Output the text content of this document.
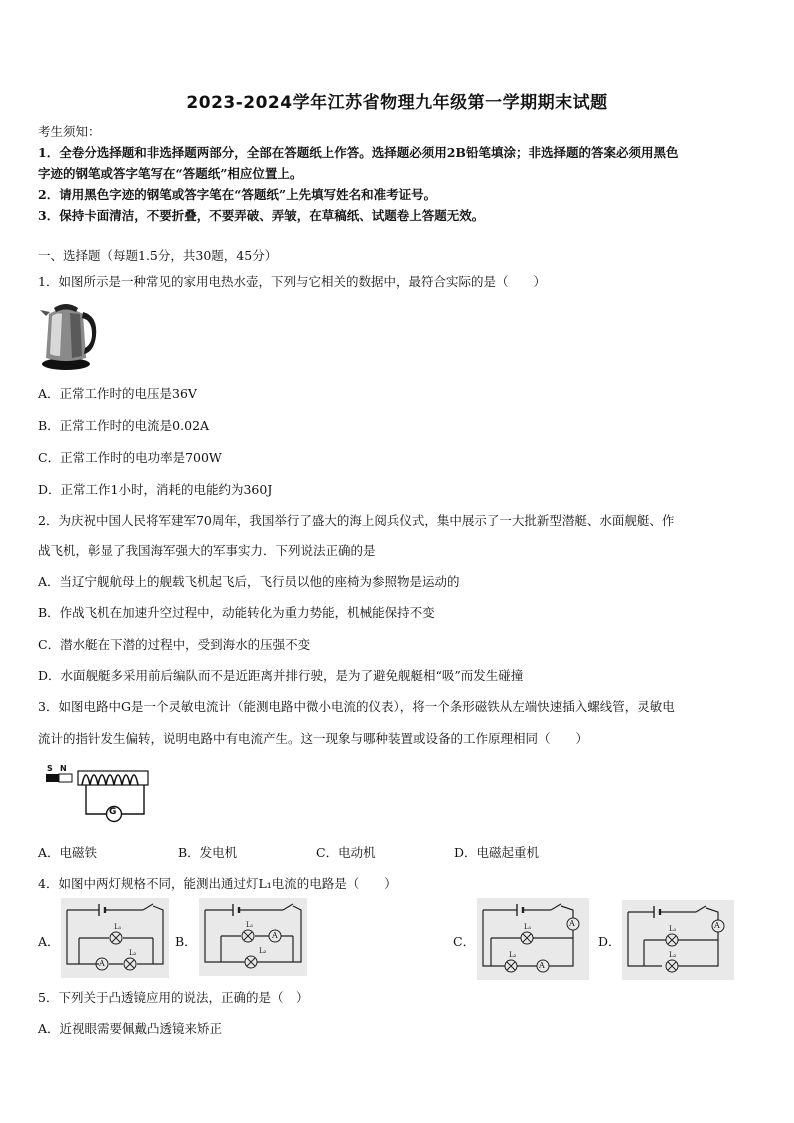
2023-2024学年江苏省物理九年级第一学期期末试题
考生须知：
1．全卷分选择题和非选择题两部分，全部在答题纸上作答。选择题必须用2B铅笔填涂；非选择题的答案必须用黑色
字迹的钢笔或答字笔写在“答题纸”相应位置上。
2．请用黑色字迹的钢笔或答字笔在“答题纸”上先填写姓名和准考证号。
3．保持卡面清洁，不要折叠，不要弄破、弄皱，在草稿纸、试题卷上答题无效。
一、选择题（每题1.5分，共30题，45分）
1．如图所示是一种常见的家用电热水壶，下列与它相关的数据中，最符合实际的是（　　）
A．正常工作时的电压是36V
B．正常工作时的电流是0.02A
C．正常工作时的电功率是700W
D．正常工作1小时，消耗的电能约为360J
2．为庆祝中国人民将军建军70周年，我国举行了盛大的海上阅兵仪式，集中展示了一大批新型潜艇、水面舰艇、作
战飞机，彰显了我国海军强大的军事实力．下列说法正确的是
A．当辽宁舰航母上的舰载飞机起飞后，飞行员以他的座椅为参照物是运动的
B．作战飞机在加速升空过程中，动能转化为重力势能，机械能保持不变
C．潜水艇在下潜的过程中，受到海水的压强不变
D．水面舰艇多采用前后编队而不是近距离并排行驶，是为了避免舰艇相“吸”而发生碰撞
3．如图电路中G是一个灵敏电流计（能测电路中微小电流的仪表），将一个条形磁铁从左端快速插入螺线管，灵敏电
流计的指针发生偏转，说明电路中有电流产生。这一现象与哪种装置或设备的工作原理相同（　　）
S N
G
A．电磁铁	B．发电机	C．电动机	D．电磁起重机
4．如图中两灯规格不同，能测出通过灯L₁电流的电路是（　　）
A．
L₁
L₂
A
B．
L₁
L₂
A	C．
L₁
L₂
A
A
D．
L₁
L₂
A
5．下列关于凸透镜应用的说法，正确的是（　）
A．近视眼需要佩戴凸透镜来矫正
